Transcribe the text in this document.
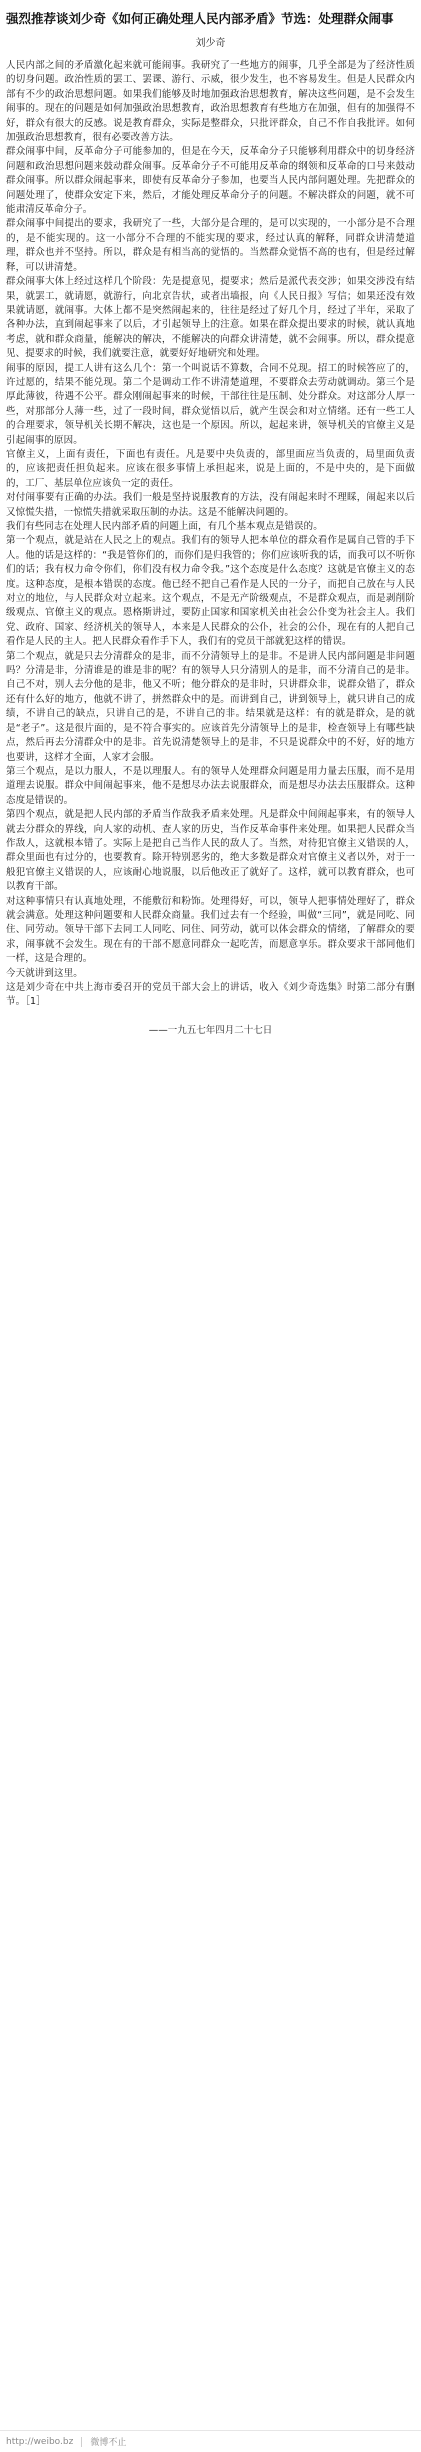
强烈推荐谈刘少奇《如何正确处理人民内部矛盾》节选：处理群众闹事
刘少奇

人民内部之间的矛盾激化起来就可能闹事。我研究了一些地方的闹事，几乎全部是为了经济性质的切身问题。政治性质的罢工、罢课、游行、示威，很少发生，也不容易发生。但是人民群众内部有不少的政治思想问题。如果我们能够及时地加强政治思想教育，解决这些问题，是不会发生闹事的。现在的问题是如何加强政治思想教育，政治思想教育有些地方在加强，但有的加强得不好，群众有很大的反感。说是教育群众，实际是整群众，只批评群众，自己不作自我批评。如何加强政治思想教育，很有必要改善方法。

群众闹事中间，反革命分子可能参加的，但是在今天，反革命分子只能够利用群众中的切身经济问题和政治思想问题来鼓动群众闹事。反革命分子不可能用反革命的纲领和反革命的口号来鼓动群众闹事。所以群众闹起事来，即使有反革命分子参加，也要当人民内部问题处理。先把群众的问题处理了，使群众安定下来，然后，才能处理反革命分子的问题。不解决群众的问题，就不可能肃清反革命分子。

群众闹事中间提出的要求，我研究了一些，大部分是合理的，是可以实现的，一小部分是不合理的，是不能实现的。这一小部分不合理的不能实现的要求，经过认真的解释，同群众讲清楚道理，群众也并不坚持。所以，群众是有相当高的觉悟的。当然群众觉悟不高的也有，但是经过解释，可以讲清楚。

群众闹事大体上经过这样几个阶段：先是提意见，提要求；然后是派代表交涉；如果交涉没有结果，就罢工，就请愿，就游行，向北京告状，或者出墙报，向《人民日报》写信；如果还没有效果就请愿，就闹事。大体上都不是突然闹起来的，往往是经过了好几个月，经过了半年，采取了各种办法，直到闹起事来了以后，才引起领导上的注意。如果在群众提出要求的时候，就认真地考虑，就和群众商量，能解决的解决，不能解决的向群众讲清楚，就不会闹事。所以，群众提意见、提要求的时候，我们就要注意，就要好好地研究和处理。

闹事的原因，提工人讲有这么几个：第一个叫说话不算数，合同不兑现。招工的时候答应了的，许过愿的，结果不能兑现。第二个是调动工作不讲清楚道理，不要群众去劳动就调动。第三个是厚此薄彼，待遇不公平。群众刚闹起事来的时候，干部往往是压制、处分群众。对这部分人厚一些，对那部分人薄一些，过了一段时间，群众觉悟以后，就产生误会和对立情绪。还有一些工人的合理要求，领导机关长期不解决，这也是一个原因。所以，起起来讲，领导机关的官僚主义是引起闹事的原因。

官僚主义，上面有责任，下面也有责任。凡是要中央负责的，部里面应当负责的，局里面负责的，应该把责任担负起来。应该在很多事情上承担起来，说是上面的，不是中央的，是下面做的，工厂、基层单位应该负一定的责任。

对付闹事要有正确的办法。我们一般是坚持说服教育的方法，没有闹起来时不理睬，闹起来以后又惊慌失措，一惊慌失措就采取压制的办法。这是不能解决问题的。

我们有些同志在处理人民内部矛盾的问题上面，有几个基本观点是错误的。

第一个观点，就是站在人民之上的观点。我们有的领导人把本单位的群众看作是属自己管的手下人。他的话是这样的：“我是管你们的，而你们是归我管的；你们应该听我的话，而我可以不听你们的话；我有权力命令你们，你们没有权力命令我。”这个态度是什么态度？这就是官僚主义的态度。这种态度，是根本错误的态度。他已经不把自己看作是人民的一分子，而把自己放在与人民对立的地位，与人民群众对立起来。这个观点，不是无产阶级观点，不是群众观点，而是剥削阶级观点、官僚主义的观点。恩格斯讲过，要防止国家和国家机关由社会公仆变为社会主人。我们党、政府、国家、经济机关的领导人，本来是人民群众的公仆，社会的公仆，现在有的人把自己看作是人民的主人。把人民群众看作手下人，我们有的党员干部就犯这样的错误。

第二个观点，就是只去分清群众的是非，而不分清领导上的是非。不是讲人民内部问题是非问题吗？分清是非，分清谁是的谁是非的呢？有的领导人只分清别人的是非，而不分清自己的是非。自己不对，别人去分他的是非，他又不听；他分群众的是非时，只讲群众非，说群众错了，群众还有什么好的地方，他就不讲了，拼然群众中的是。而讲到自己，讲到领导上，就只讲自己的成绩，不讲自己的缺点，只讲自己的是，不讲自己的非。结果就是这样：有的就是群众，是的就是“老子”。这是很片面的，是不符合事实的。应该首先分清领导上的是非，检查领导上有哪些缺点，然后再去分清群众中的是非。首先说清楚领导上的是非，不只是说群众中的不好，好的地方也要讲，这样才全面，人家才会服。

第三个观点，是以力服人，不是以理服人。有的领导人处理群众问题是用力量去压服，而不是用道理去说服。群众中间闹起事来，他不是想尽办法去说服群众，而是想尽办法去压服群众。这种态度是错误的。

第四个观点，就是把人民内部的矛盾当作敌我矛盾来处理。凡是群众中间闹起事来，有的领导人就去分群众的界线，向人家的动机、查人家的历史，当作反革命事件来处理。如果把人民群众当作敌人，这就根本错了。实际上是把自己当作人民的敌人了。当然，对待犯官僚主义错误的人，群众里面也有过分的，也要教育。除开特别恶劣的，绝大多数是群众对官僚主义者以外，对于一般犯官僚主义错误的人，应该耐心地说服，以后他改正了就好了。这样，就可以教育群众，也可以教育干部。

对这种事情只有认真地处理，不能敷衍和粉饰。处理得好，可以，领导人把事情处理好了，群众就会满意。处理这种问题要和人民群众商量。我们过去有一个经验，叫做“三同”，就是同吃、同住、同劳动。领导干部下去同工人同吃、同住、同劳动，就可以体会群众的情绪，了解群众的要求，闹事就不会发生。现在有的干部不愿意同群众一起吃苦，而愿意享乐。群众要求干部同他们一样，这是合理的。

今天就讲到这里。

这是刘少奇在中共上海市委召开的党员干部大会上的讲话，收入《刘少奇选集》时第二部分有删节。［1］

——一九五七年四月二十七日
http://weibo.bz 微博不止
